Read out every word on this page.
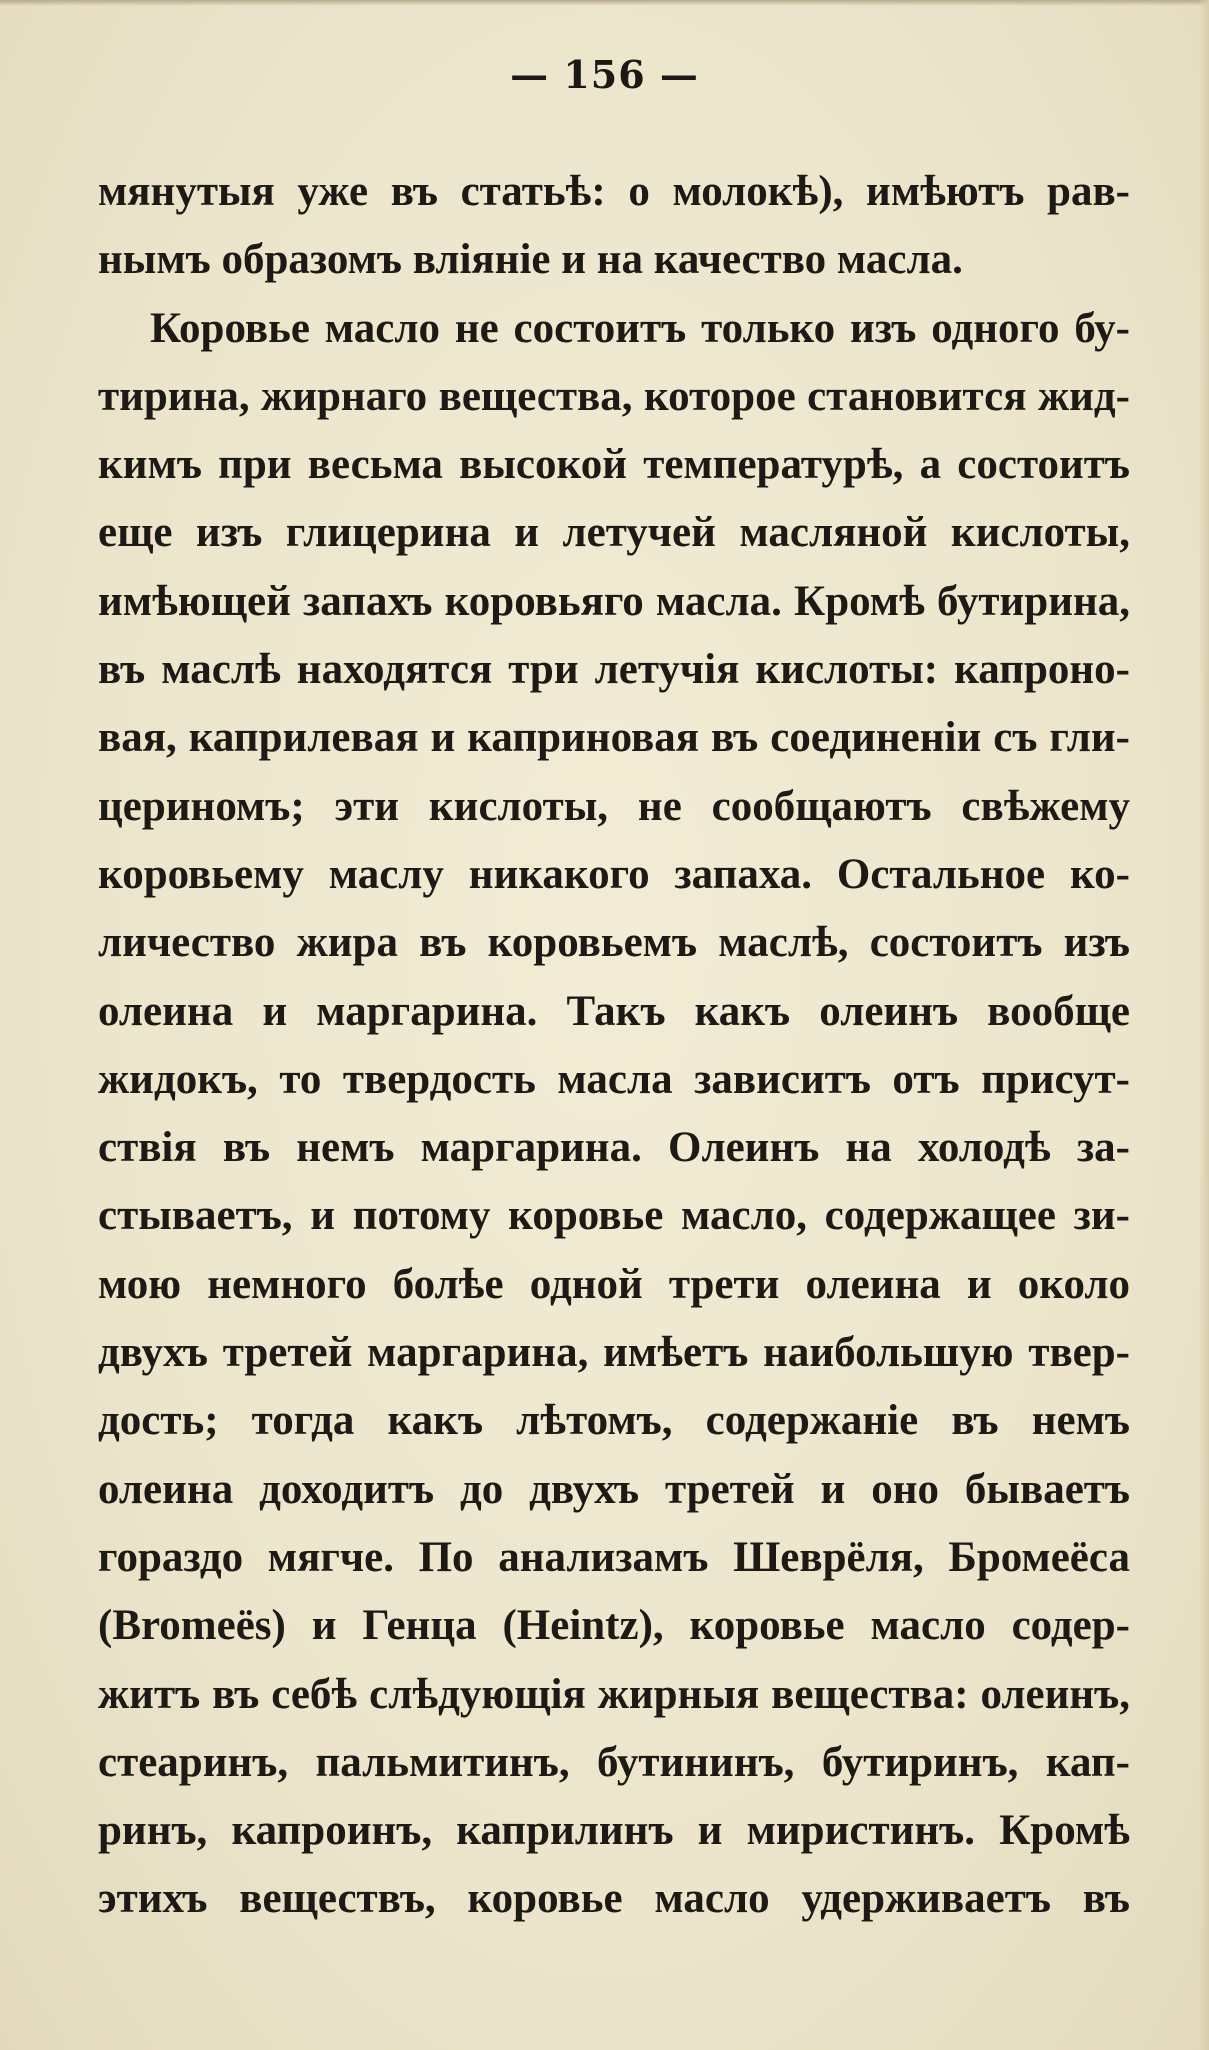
— 156 —
мянутыя уже въ статьѣ: о молокѣ), имѣютъ рав-
нымъ образомъ вліяніе и на качество масла.
Коровье масло не состоитъ только изъ одного бу-
тирина, жирнаго вещества, которое становится жид-
кимъ при весьма высокой температурѣ, а состоитъ
еще изъ глицерина и летучей масляной кислоты,
имѣющей запахъ коровьяго масла. Кромѣ бутирина,
въ маслѣ находятся три летучія кислоты: капроно-
вая, каприлевая и каприновая въ соединеніи съ гли-
цериномъ; эти кислоты, не сообщаютъ свѣжему
коровьему маслу никакого запаха. Остальное ко-
личество жира въ коровьемъ маслѣ, состоитъ изъ
олеина и маргарина. Такъ какъ олеинъ вообще
жидокъ, то твердость масла зависитъ отъ присут-
ствія въ немъ маргарина. Олеинъ на холодѣ за-
стываетъ, и потому коровье масло, содержащее зи-
мою немного болѣе одной трети олеина и около
двухъ третей маргарина, имѣетъ наибольшую твер-
дость; тогда какъ лѣтомъ, содержаніе въ немъ
олеина доходитъ до двухъ третей и оно бываетъ
гораздо мягче. По анализамъ Шеврёля, Бромеёса
(Bromeës) и Генца (Heintz), коровье масло содер-
житъ въ себѣ слѣдующія жирныя вещества: олеинъ,
стеаринъ, пальмитинъ, бутининъ, бутиринъ, кап-
ринъ, капроинъ, каприлинъ и миристинъ. Кромѣ
этихъ веществъ, коровье масло удерживаетъ въ
